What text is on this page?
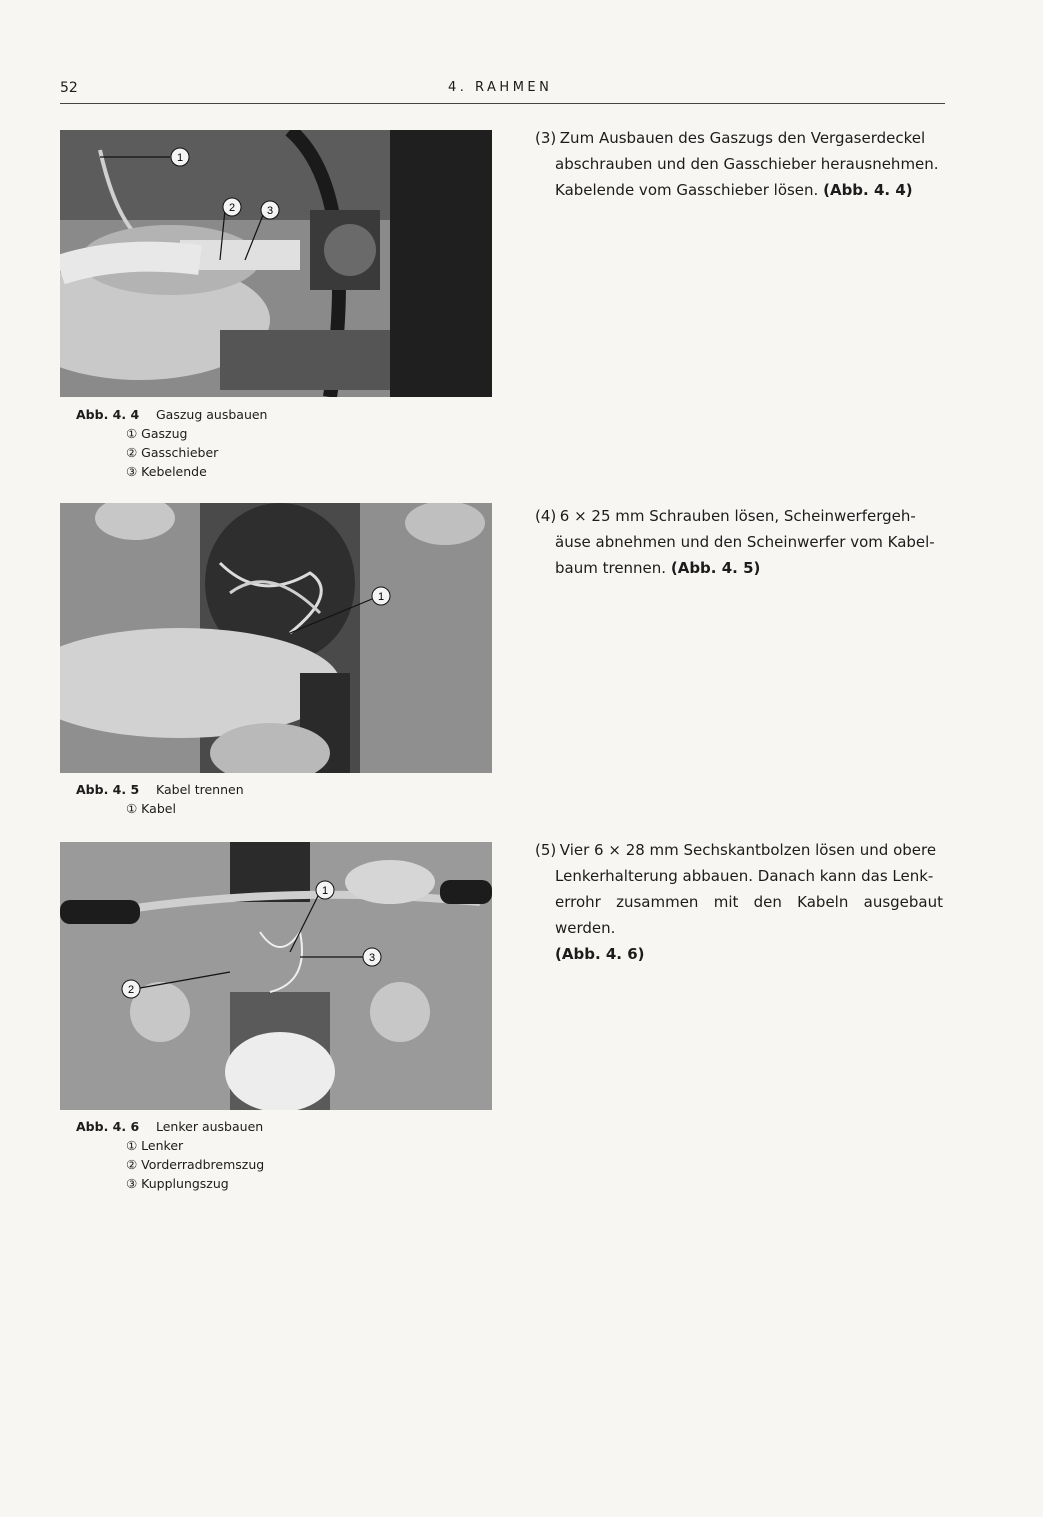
52	4. RAHMEN
1
2	3
Abb. 4. 4 Gaszug ausbauen
① Gaszug
② Gasschieber
③ Kebelende
1
Abb. 4. 5 Kabel trennen
① Kabel
1
3
2
Abb. 4. 6 Lenker ausbauen
① Lenker
② Vorderradbremszug
③ Kupplungszug
(3) Zum Ausbauen des Gaszugs den Vergaserdeckel
abschrauben und den Gasschieber herausnehmen.
Kabelende vom Gasschieber lösen. (Abb. 4. 4)
(4) 6 × 25 mm Schrauben lösen, Scheinwerfergeh-
äuse abnehmen und den Scheinwerfer vom Kabel-
baum trennen. (Abb. 4. 5)
(5) Vier 6 × 28 mm Sechskantbolzen lösen und obere
Lenkerhalterung abbauen. Danach kann das Lenk-
errohr zusammen mit den Kabeln ausgebaut werden.
(Abb. 4. 6)
